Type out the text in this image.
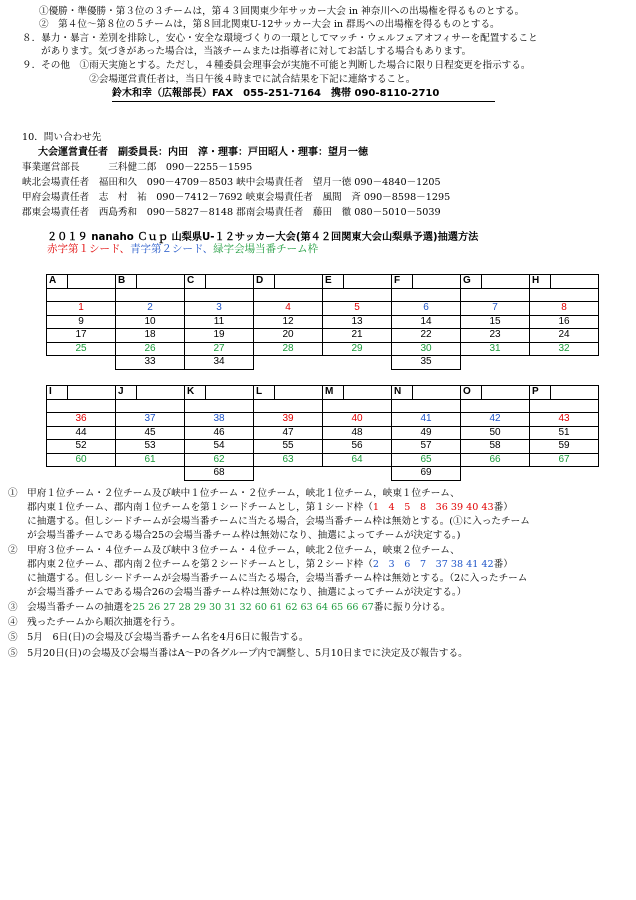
①優勝・準優勝・第３位の３チームは，第４３回関東少年サッカー大会 in 神奈川への出場権を得るものとする。
②　第４位～第８位の５チームは，第８回北関東U-12サッカー大会 in 群馬への出場権を得るものとする。
８．暴力・暴言・差別を排除し，安心・安全な環境づくりの一環としてマッチ・ウェルフェアオフィサーを配置すること
　　があります。気づきがあった場合は，当該チームまたは指導者に対してお話しする場合もあります。
９．その他　①雨天実施とする。ただし，４種委員会理事会が実施不可能と判断した場合に限り日程変更を指示する。
　　　　　　　②会場運営責任者は，当日午後４時までに試合結果を下記に連絡すること。
鈴木和幸（広報部長）FAX　055-251-7164　携帯 090-8110-2710
10．問い合わせ先
大会運営責任者　副委員長：内田　淳・理事：戸田昭人・理事：望月一徳
事業運営部長　　　三科健二郎　090－2255－1595
峡北会場責任者　福田和久　090－4709－8503 峡中会場責任者　望月一徳 090－4840－1205
甲府会場責任者　志　村　祐　090－7412－7692 峡東会場責任者　風間　斉 090－8598－1295
郡東会場責任者　西島秀和　090－5827－8148 郡南会場責任者　藤田　徹 080－5010－5039
２０１９ nanaho Ｃｕｐ 山梨県U-１２サッカー大会(第４２回関東大会山梨県予選)抽選方法
赤字第１シード、青字第２シード、緑字会場当番チーム枠
A	B	C	D	E	F	G	H

1	2	3	4	5	6	7	8
9	10	11	12	13	14	15	16
17	18	19	20	21	22	23	24
25	26	27	28	29	30	31	32
	33	34			35		
I	J	K	L	M	N	O	P

36	37	38	39	40	41	42	43
44	45	46	47	48	49	50	51
52	53	54	55	56	57	58	59
60	61	62	63	64	65	66	67
		68			69		
①　甲府１位チーム・２位チーム及び峡中１位チーム・２位チーム，峡北１位チーム，峡東１位チーム、
　　郡内東１位チーム、郡内南１位チームを第１シードチームとし，第１シード枠（1　4　5　8　36 39 40 43番）
　　に抽選する。但しシードチームが会場当番チームに当たる場合，会場当番チーム枠は無効とする。(①に入ったチーム
　　が会場当番チームである場合25の会場当番チーム枠は無効になり、抽選によってチームが決定する。)
②　甲府３位チーム・４位チーム及び峡中３位チーム・４位チーム，峡北２位チーム，峡東２位チーム、
　　郡内東２位チーム、郡内南２位チームを第２シードチームとし，第２シード枠（2　3　6　7　37 38 41 42番）
　　に抽選する。但しシードチームが会場当番チームに当たる場合，会場当番チーム枠は無効とする。（2に入ったチーム
　　が会場当番チームである場合26の会場当番チーム枠は無効になり、抽選によってチームが決定する。）
③　会場当番チームの抽選を25 26 27 28 29 30 31 32 60 61 62 63 64 65 66 67番に振り分ける。
④　残ったチームから順次抽選を行う。
⑤　5月　6日(日)の会場及び会場当番チーム名を4月6日に報告する。
⑤　5月20日(日)の会場及び会場当番はA～Pの各グループ内で調整し、5月10日までに決定及び報告する。
